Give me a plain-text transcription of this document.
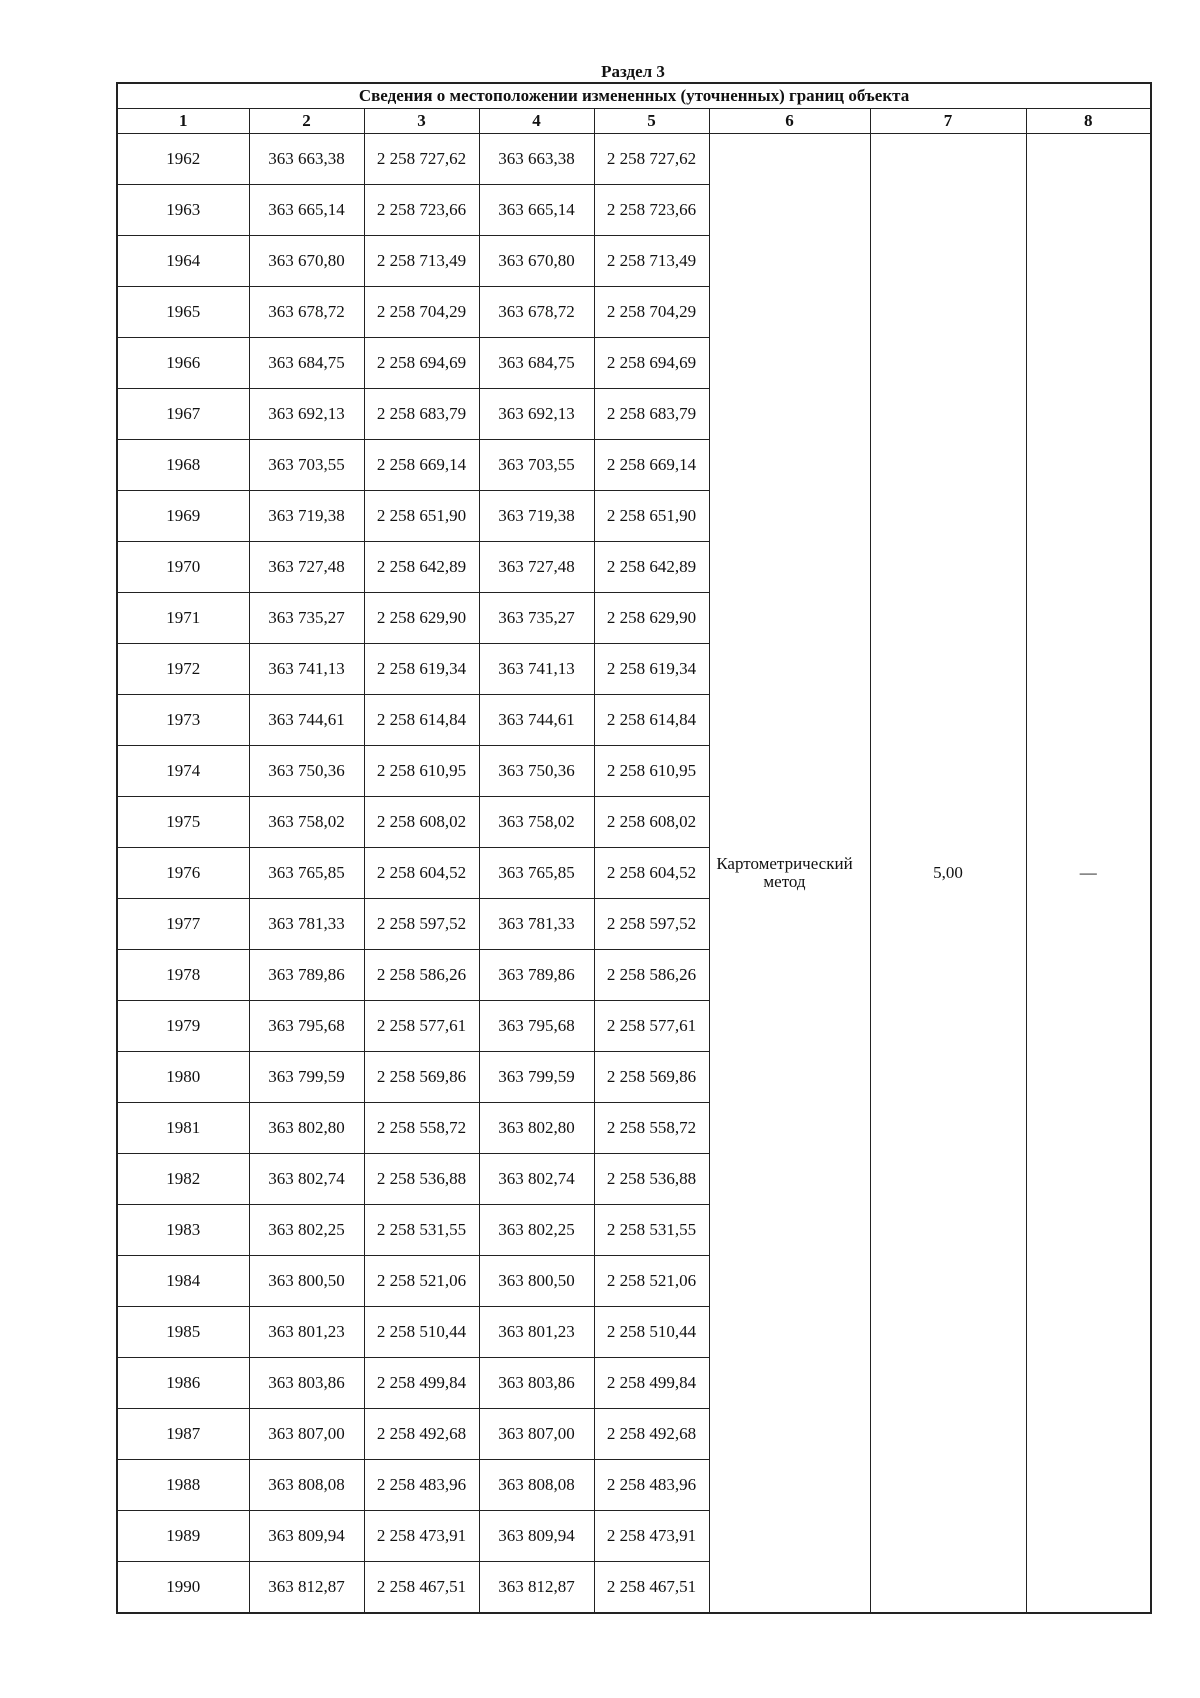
Раздел 3
Сведения о местоположении измененных (уточненных) границ объекта							
1	2	3	4	5	6	7	8
1962	363 663,38	2 258 727,62	363 663,38	2 258 727,62	Картометрический метод	5,00	—
1963	363 665,14	2 258 723,66	363 665,14	2 258 723,66			
1964	363 670,80	2 258 713,49	363 670,80	2 258 713,49			
1965	363 678,72	2 258 704,29	363 678,72	2 258 704,29			
1966	363 684,75	2 258 694,69	363 684,75	2 258 694,69			
1967	363 692,13	2 258 683,79	363 692,13	2 258 683,79			
1968	363 703,55	2 258 669,14	363 703,55	2 258 669,14			
1969	363 719,38	2 258 651,90	363 719,38	2 258 651,90			
1970	363 727,48	2 258 642,89	363 727,48	2 258 642,89			
1971	363 735,27	2 258 629,90	363 735,27	2 258 629,90			
1972	363 741,13	2 258 619,34	363 741,13	2 258 619,34			
1973	363 744,61	2 258 614,84	363 744,61	2 258 614,84			
1974	363 750,36	2 258 610,95	363 750,36	2 258 610,95			
1975	363 758,02	2 258 608,02	363 758,02	2 258 608,02			
1976	363 765,85	2 258 604,52	363 765,85	2 258 604,52			
1977	363 781,33	2 258 597,52	363 781,33	2 258 597,52			
1978	363 789,86	2 258 586,26	363 789,86	2 258 586,26			
1979	363 795,68	2 258 577,61	363 795,68	2 258 577,61			
1980	363 799,59	2 258 569,86	363 799,59	2 258 569,86			
1981	363 802,80	2 258 558,72	363 802,80	2 258 558,72			
1982	363 802,74	2 258 536,88	363 802,74	2 258 536,88			
1983	363 802,25	2 258 531,55	363 802,25	2 258 531,55			
1984	363 800,50	2 258 521,06	363 800,50	2 258 521,06			
1985	363 801,23	2 258 510,44	363 801,23	2 258 510,44			
1986	363 803,86	2 258 499,84	363 803,86	2 258 499,84			
1987	363 807,00	2 258 492,68	363 807,00	2 258 492,68			
1988	363 808,08	2 258 483,96	363 808,08	2 258 483,96			
1989	363 809,94	2 258 473,91	363 809,94	2 258 473,91			
1990	363 812,87	2 258 467,51	363 812,87	2 258 467,51			
